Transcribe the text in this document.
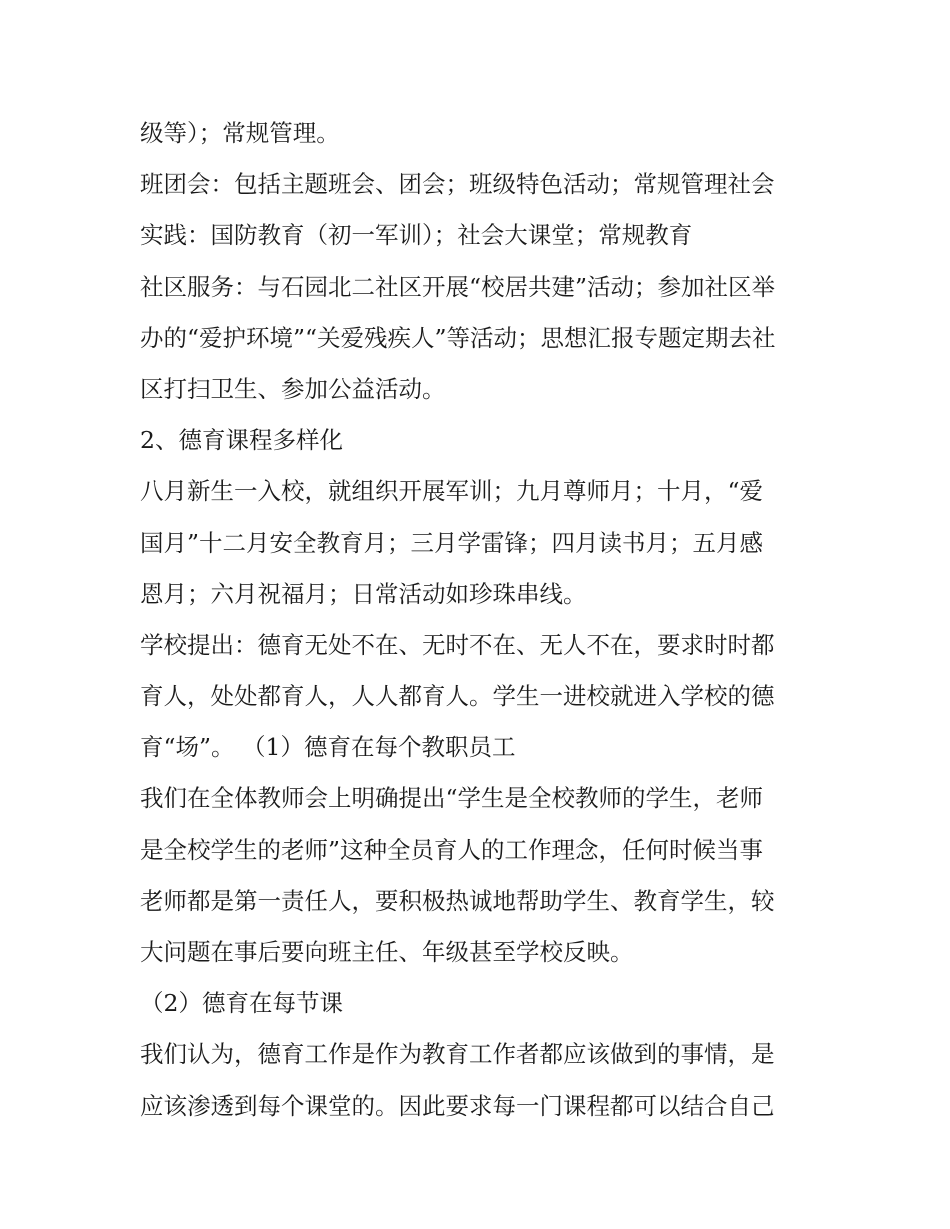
级等）；常规管理。
班团会：包括主题班会、团会；班级特色活动；常规管理社会
实践：国防教育（初一军训）；社会大课堂；常规教育
社区服务：与石园北二社区开展“校居共建”活动；参加社区举
办的“爱护环境”“关爱残疾人”等活动；思想汇报专题定期去社
区打扫卫生、参加公益活动。
2、德育课程多样化
八月新生一入校，就组织开展军训；九月尊师月；十月，“爱
国月”十二月安全教育月；三月学雷锋；四月读书月；五月感
恩月；六月祝福月；日常活动如珍珠串线。
学校提出：德育无处不在、无时不在、无人不在，要求时时都
育人，处处都育人，人人都育人。学生一进校就进入学校的德
育“场”。 （1）德育在每个教职员工
我们在全体教师会上明确提出“学生是全校教师的学生，老师
是全校学生的老师”这种全员育人的工作理念，任何时候当事
老师都是第一责任人，要积极热诚地帮助学生、教育学生，较
大问题在事后要向班主任、年级甚至学校反映。
（2）德育在每节课
我们认为，德育工作是作为教育工作者都应该做到的事情，是
应该渗透到每个课堂的。因此要求每一门课程都可以结合自己
